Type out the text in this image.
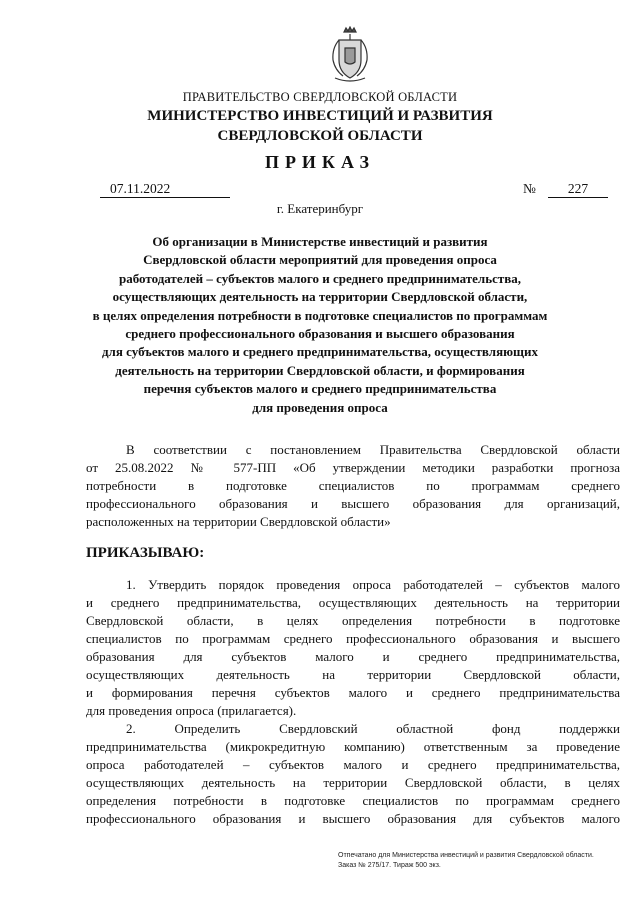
ПРАВИТЕЛЬСТВО СВЕРДЛОВСКОЙ ОБЛАСТИ
МИНИСТЕРСТВО ИНВЕСТИЦИЙ И РАЗВИТИЯ
СВЕРДЛОВСКОЙ ОБЛАСТИ
ПРИКАЗ
07.11.2022	№	227
г. Екатеринбург
Об организации в Министерстве инвестиций и развития
Свердловской области мероприятий для проведения опроса
работодателей – субъектов малого и среднего предпринимательства,
осуществляющих деятельность на территории Свердловской области,
в целях определения потребности в подготовке специалистов по программам
среднего профессионального образования и высшего образования
для субъектов малого и среднего предпринимательства, осуществляющих
деятельность на территории Свердловской области, и формирования
перечня субъектов малого и среднего предпринимательства
для проведения опроса
В соответствии с постановлением Правительства Свердловской области
от 25.08.2022 № 577-ПП «Об утверждении методики разработки прогноза
потребности в подготовке специалистов по программам среднего
профессионального образования и высшего образования для организаций,
расположенных на территории Свердловской области»
ПРИКАЗЫВАЮ:
1. Утвердить порядок проведения опроса работодателей – субъектов малого
и среднего предпринимательства, осуществляющих деятельность на территории
Свердловской области, в целях определения потребности в подготовке
специалистов по программам среднего профессионального образования и высшего
образования для субъектов малого и среднего предпринимательства,
осуществляющих деятельность на территории Свердловской области,
и формирования перечня субъектов малого и среднего предпринимательства
для проведения опроса (прилагается).
2. Определить Свердловский областной фонд поддержки
предпринимательства (микрокредитную компанию) ответственным за проведение
опроса работодателей – субъектов малого и среднего предпринимательства,
осуществляющих деятельность на территории Свердловской области, в целях
определения потребности в подготовке специалистов по программам среднего
профессионального образования и высшего образования для субъектов малого
Отпечатано для Министерства инвестиций и развития Свердловской области.
Заказ № 275/17. Тираж 500 экз.
